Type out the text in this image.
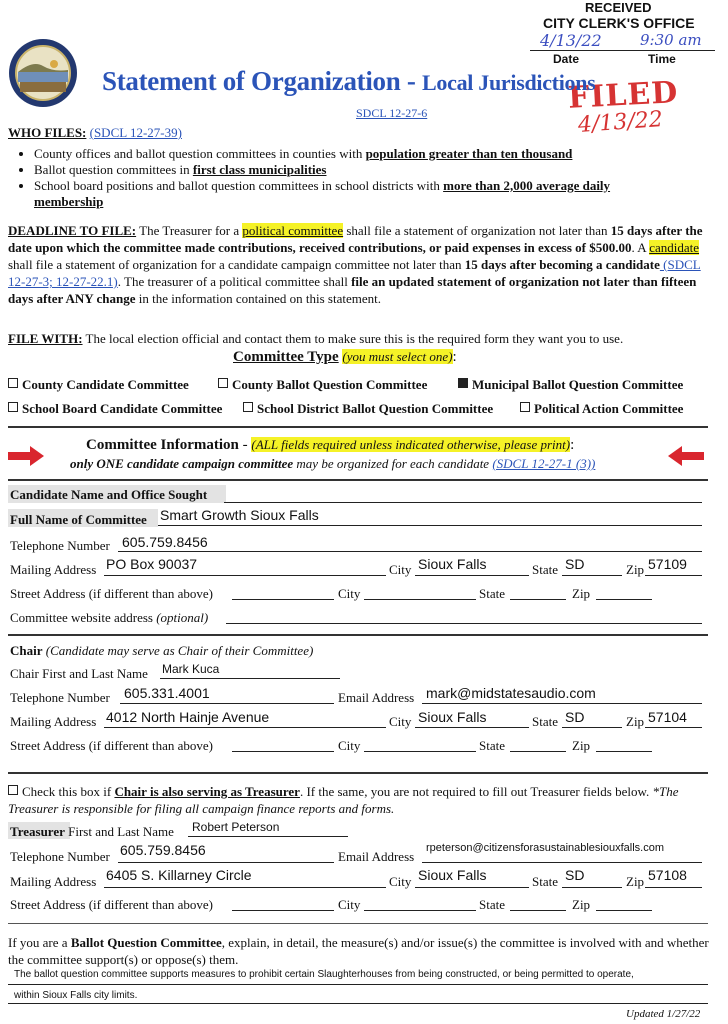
RECEIVED
CITY CLERK'S OFFICE
4/13/22	9:30 am
Date	Time
FILED
4/13/22
Statement of Organization - Local Jurisdictions
SDCL 12-27-6
WHO FILES: (SDCL 12-27-39)
• County offices and ballot question committees in counties with population greater than ten thousand
• Ballot question committees in first class municipalities
• School board positions and ballot question committees in school districts with more than 2,000 average daily membership
DEADLINE TO FILE: The Treasurer for a political committee shall file a statement of organization not later than 15 days after the date upon which the committee made contributions, received contributions, or paid expenses in excess of $500.00. A candidate shall file a statement of organization for a candidate campaign committee not later than 15 days after becoming a candidate (SDCL 12-27-3; 12-27-22.1). The treasurer of a political committee shall file an updated statement of organization not later than fifteen days after ANY change in the information contained on this statement.
FILE WITH: The local election official and contact them to make sure this is the required form they want you to use.
Committee Type (you must select one):
County Candidate Committee	County Ballot Question Committee	Municipal Ballot Question Committee
School Board Candidate Committee	School District Ballot Question Committee	Political Action Committee
Committee Information - (ALL fields required unless indicated otherwise, please print):
only ONE candidate campaign committee may be organized for each candidate (SDCL 12-27-1 (3))
Candidate Name and Office Sought
Full Name of Committee Smart Growth Sioux Falls
Telephone Number 605.759.8456
Mailing Address PO Box 90037	City Sioux Falls	State SD	Zip 57109
Street Address (if different than above)	City	State	Zip
Committee website address (optional)
Chair (Candidate may serve as Chair of their Committee)
Chair First and Last Name Mark Kuca
Telephone Number 605.331.4001	Email Address mark@midstatesaudio.com
Mailing Address 4012 North Hainje Avenue	City Sioux Falls	State SD	Zip 57104
Street Address (if different than above)	City	State	Zip
Check this box if Chair is also serving as Treasurer. If the same, you are not required to fill out Treasurer fields below. *The Treasurer is responsible for filing all campaign finance reports and forms.
Treasurer First and Last Name Robert Peterson
Telephone Number 605.759.8456	Email Address
rpeterson@citizensforasustainablesiouxfalls.com
Mailing Address 6405 S. Killarney Circle	City Sioux Falls	State SD	Zip 57108
Street Address (if different than above)	City	State	Zip
If you are a Ballot Question Committee, explain, in detail, the measure(s) and/or issue(s) the committee is involved with and whether the committee support(s) or oppose(s) them.
The ballot question committee supports measures to prohibit certain Slaughterhouses from being constructed, or being permitted to operate,
within Sioux Falls city limits.
Updated 1/27/22
